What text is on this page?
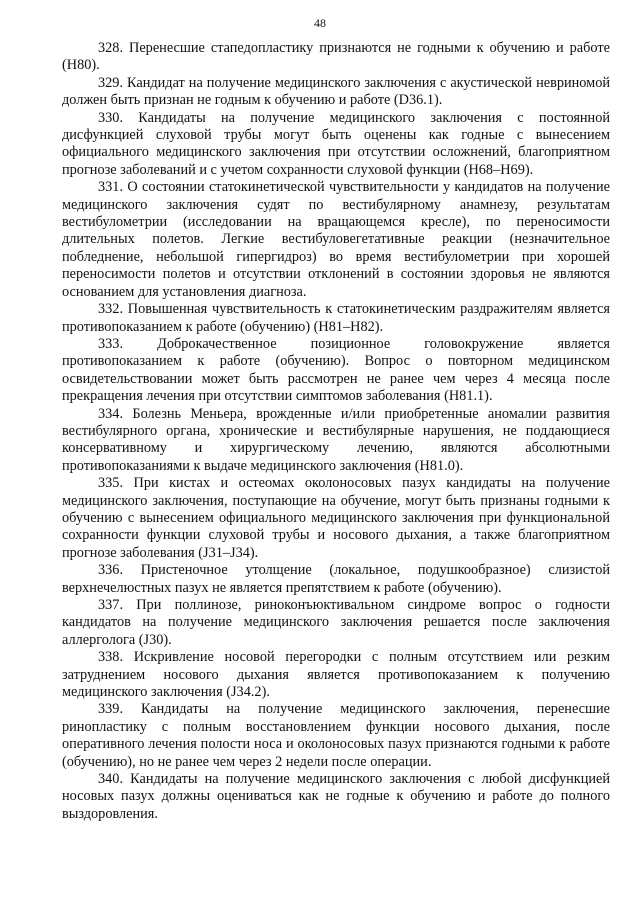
48

328. Перенесшие стапедопластику признаются не годными к обучению и работе (H80).

329. Кандидат на получение медицинского заключения с акустической невриномой должен быть признан не годным к обучению и работе (D36.1).

330. Кандидаты на получение медицинского заключения с постоянной дисфункцией слуховой трубы могут быть оценены как годные с вынесением официального медицинского заключения при отсутствии осложнений, благоприятном прогнозе заболеваний и с учетом сохранности слуховой функции (H68–H69).

331. О состоянии статокинетической чувствительности у кандидатов на получение медицинского заключения судят по вестибулярному анамнезу, результатам вестибулометрии (исследовании на вращающемся кресле), по переносимости длительных полетов. Легкие вестибуловегетативные реакции (незначительное побледнение, небольшой гипергидроз) во время вестибулометрии при хорошей переносимости полетов и отсутствии отклонений в состоянии здоровья не являются основанием для установления диагноза.

332. Повышенная чувствительность к статокинетическим раздражителям является противопоказанием к работе (обучению) (H81–H82).

333. Доброкачественное позиционное головокружение является противопоказанием к работе (обучению). Вопрос о повторном медицинском освидетельствовании может быть рассмотрен не ранее чем через 4 месяца после прекращения лечения при отсутствии симптомов заболевания (H81.1).

334. Болезнь Меньера, врожденные и/или приобретенные аномалии развития вестибулярного органа, хронические и вестибулярные нарушения, не поддающиеся консервативному и хирургическому лечению, являются абсолютными противопоказаниями к выдаче медицинского заключения (H81.0).

335. При кистах и остеомах околоносовых пазух кандидаты на получение медицинского заключения, поступающие на обучение, могут быть признаны годными к обучению с вынесением официального медицинского заключения при функциональной сохранности функции слуховой трубы и носового дыхания, а также благоприятном прогнозе заболевания (J31–J34).

336. Пристеночное утолщение (локальное, подушкообразное) слизистой верхнечелюстных пазух не является препятствием к работе (обучению).

337. При поллинозе, риноконъюктивальном синдроме вопрос о годности кандидатов на получение медицинского заключения решается после заключения аллерголога (J30).

338. Искривление носовой перегородки с полным отсутствием или резким затруднением носового дыхания является противопоказанием к получению медицинского заключения (J34.2).

339. Кандидаты на получение медицинского заключения, перенесшие ринопластику с полным восстановлением функции носового дыхания, после оперативного лечения полости носа и околоносовых пазух признаются годными к работе (обучению), но не ранее чем через 2 недели после операции.

340. Кандидаты на получение медицинского заключения с любой дисфункцией носовых пазух должны оцениваться как не годные к обучению и работе до полного выздоровления.
